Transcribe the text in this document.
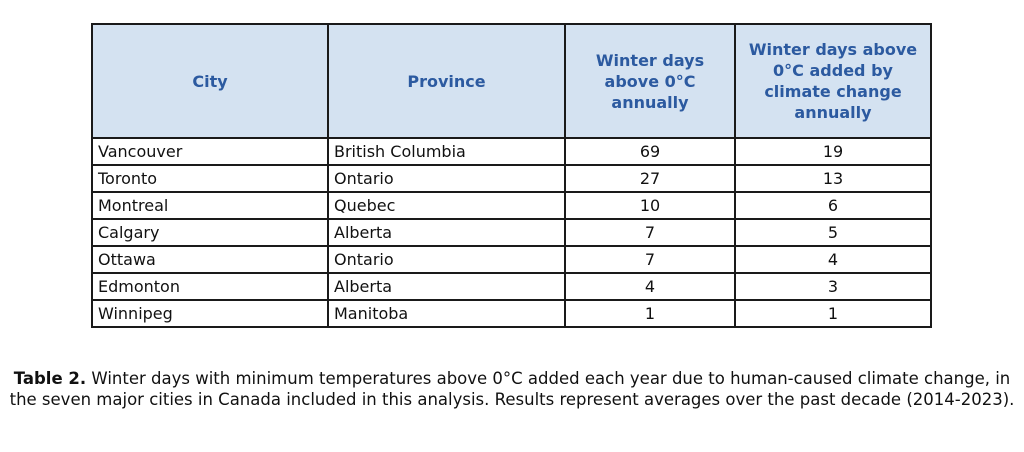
City	Province	Winter days above 0°C annually	Winter days above 0°C added by climate change annually
Vancouver	British Columbia	69	19
Toronto	Ontario	27	13
Montreal	Quebec	10	6
Calgary	Alberta	7	5
Ottawa	Ontario	7	4
Edmonton	Alberta	4	3
Winnipeg	Manitoba	1	1
Table 2. Winter days with minimum temperatures above 0°C added each year due to human-caused climate change, in the seven major cities in Canada included in this analysis. Results represent averages over the past decade (2014-2023).
